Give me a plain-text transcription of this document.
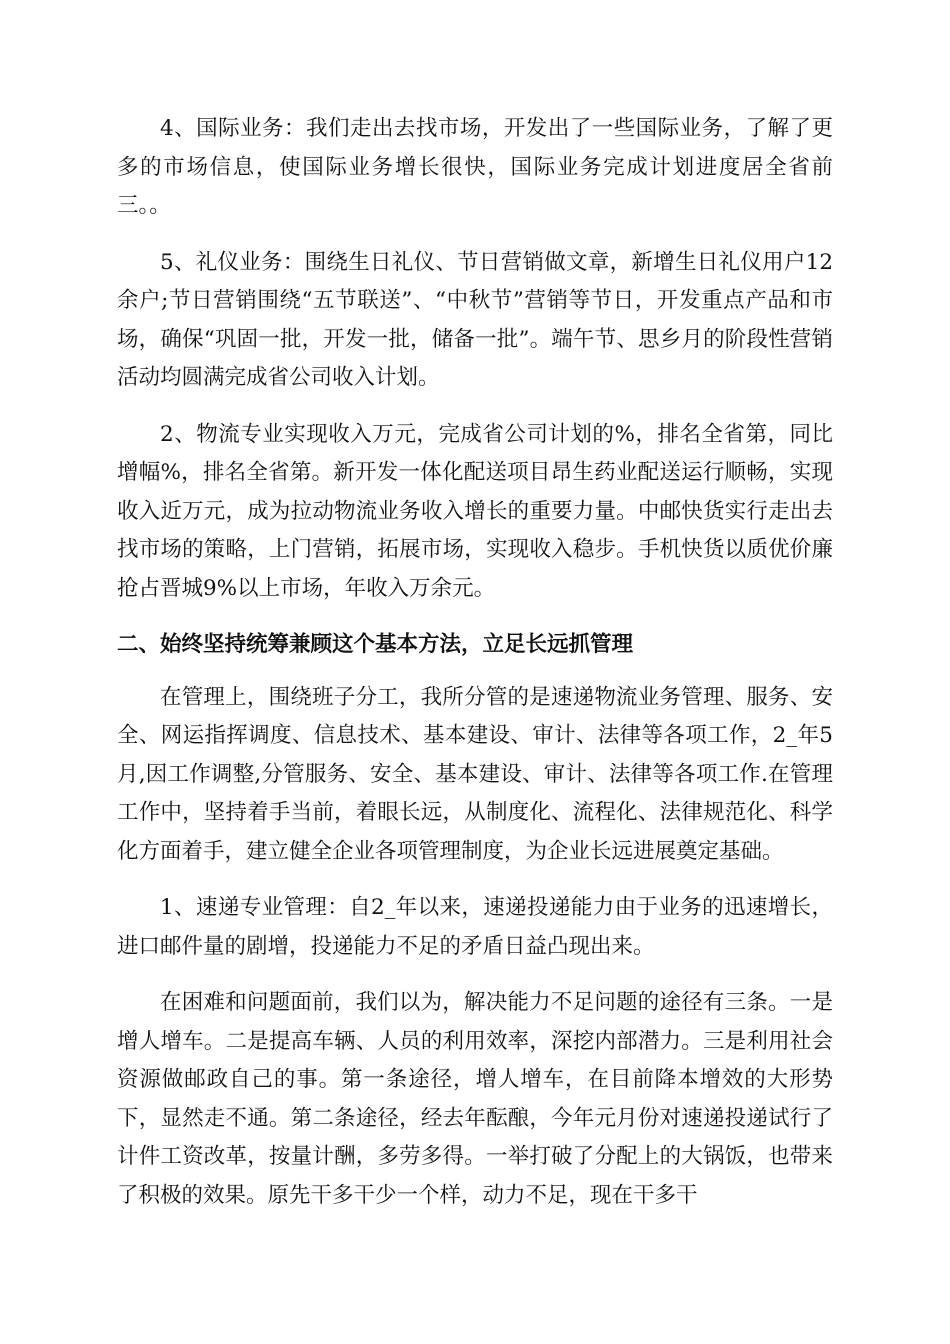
4、国际业务：我们走出去找市场，开发出了一些国际业务，了解了更多的市场信息，使国际业务增长很快，国际业务完成计划进度居全省前三。。

5、礼仪业务：围绕生日礼仪、节日营销做文章，新增生日礼仪用户12余户;节日营销围绕“五节联送”、“中秋节”营销等节日，开发重点产品和市场，确保“巩固一批，开发一批，储备一批”。端午节、思乡月的阶段性营销活动均圆满完成省公司收入计划。

2、物流专业实现收入万元，完成省公司计划的%，排名全省第，同比增幅%，排名全省第。新开发一体化配送项目昂生药业配送运行顺畅，实现收入近万元，成为拉动物流业务收入增长的重要力量。中邮快货实行走出去找市场的策略，上门营销，拓展市场，实现收入稳步。手机快货以质优价廉抢占晋城9%以上市场，年收入万余元。

二、始终坚持统筹兼顾这个基本方法，立足长远抓管理

在管理上，围绕班子分工，我所分管的是速递物流业务管理、服务、安全、网运指挥调度、信息技术、基本建设、审计、法律等各项工作，2_年5月,因工作调整,分管服务、安全、基本建设、审计、法律等各项工作.在管理工作中，坚持着手当前，着眼长远，从制度化、流程化、法律规范化、科学化方面着手，建立健全企业各项管理制度，为企业长远进展奠定基础。

1、速递专业管理：自2_年以来，速递投递能力由于业务的迅速增长，进口邮件量的剧增，投递能力不足的矛盾日益凸现出来。

在困难和问题面前，我们以为，解决能力不足问题的途径有三条。一是增人增车。二是提高车辆、人员的利用效率，深挖内部潜力。三是利用社会资源做邮政自己的事。第一条途径，增人增车，在目前降本增效的大形势下，显然走不通。第二条途径，经去年酝酿，今年元月份对速递投递试行了计件工资改革，按量计酬，多劳多得。一举打破了分配上的大锅饭，也带来了积极的效果。原先干多干少一个样，动力不足，现在干多干
